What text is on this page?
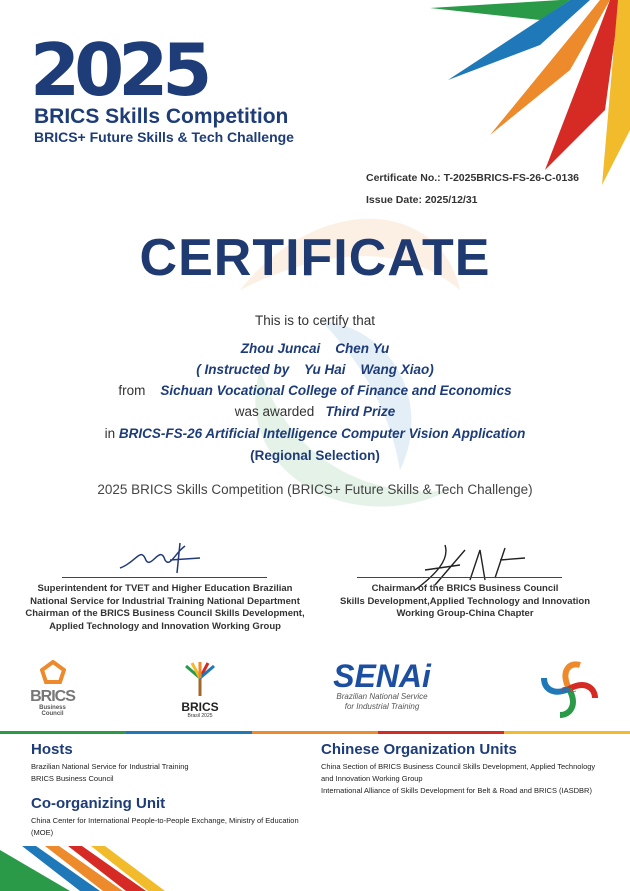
2025
BRICS Skills Competition
BRICS+ Future Skills & Tech Challenge
Certificate No.: T-2025BRICS-FS-26-C-0136
Issue Date: 2025/12/31
CERTIFICATE
This is to certify that
Zhou Juncai    Chen Yu
( Instructed by    Yu Hai    Wang Xiao)
from Sichuan Vocational College of Finance and Economics
was awarded Third Prize
in BRICS-FS-26 Artificial Intelligence Computer Vision Application
(Regional Selection)
2025 BRICS Skills Competition (BRICS+ Future Skills & Tech Challenge)
Superintendent for TVET and Higher Education Brazilian
National Service for Industrial Training National Department
Chairman of the BRICS Business Council Skills Development,
Applied Technology and Innovation Working Group
Chairman of the BRICS Business Council
Skills Development,Applied Technology and Innovation
Working Group-China Chapter
BRICS
Business Council	BRICS
Brasil 2025
SENAi
Brazilian National Service
for Industrial Training
BSC
Hosts
Brazilian National Service for Industrial Training
BRICS Business Council
Co-organizing Unit
China Center for International People-to-People Exchange, Ministry of Education
(MOE)
Chinese Organization Units
China Section of BRICS Business Council Skills Development, Applied Technology
and Innovation Working Group
International Alliance of Skills Development for Belt & Road and BRICS (IASDBR)
